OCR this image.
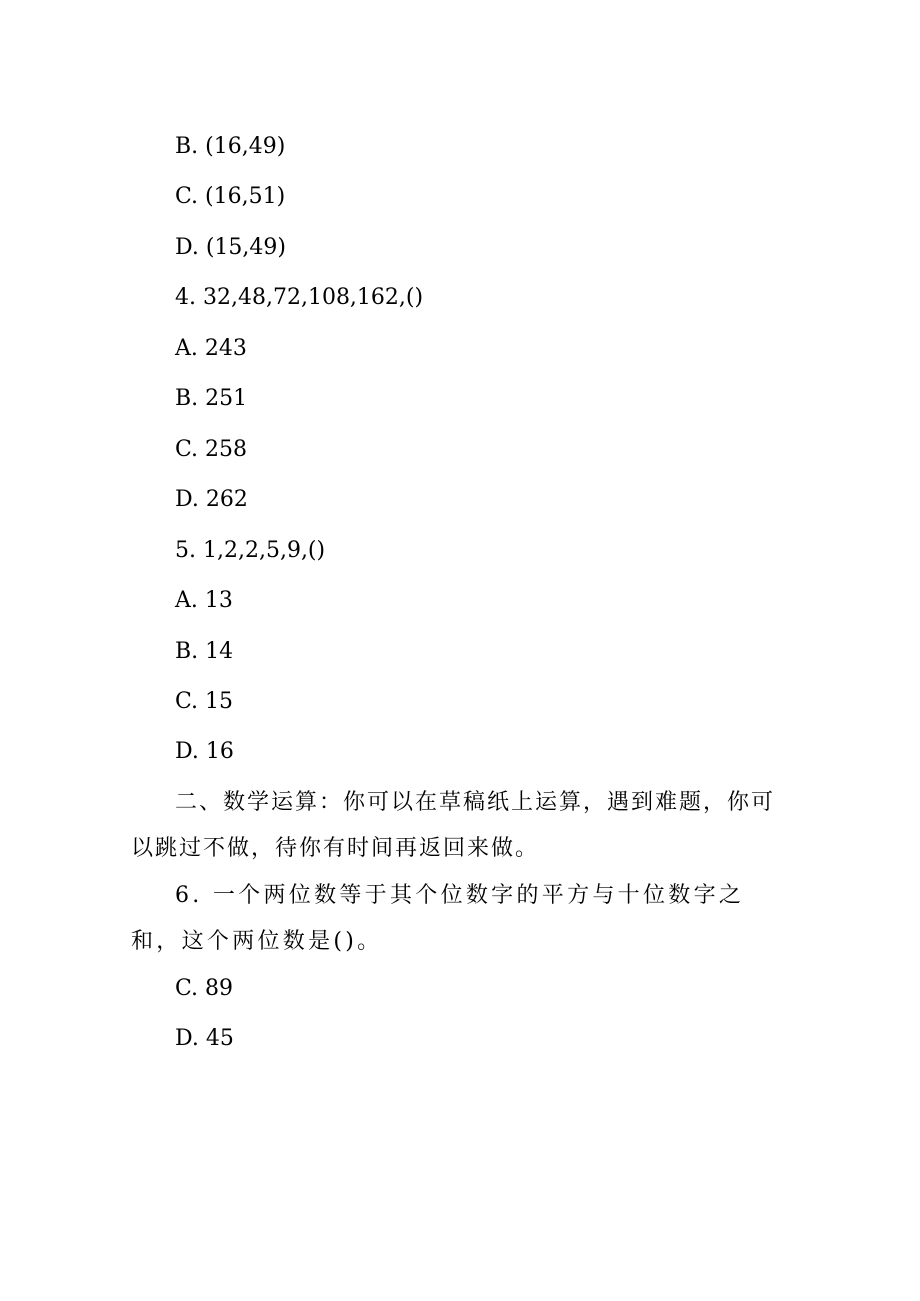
B. (16,49)
C. (16,51)
D. (15,49)
4. 32,48,72,108,162,()
A. 243
B. 251
C. 258
D. 262
5. 1,2,2,5,9,()
A. 13
B. 14
C. 15
D. 16
二、数学运算：你可以在草稿纸上运算，遇到难题，你可以跳过不做，待你有时间再返回来做。
6. 一个两位数等于其个位数字的平方与十位数字之和，这个两位数是()。
C. 89
D. 45
